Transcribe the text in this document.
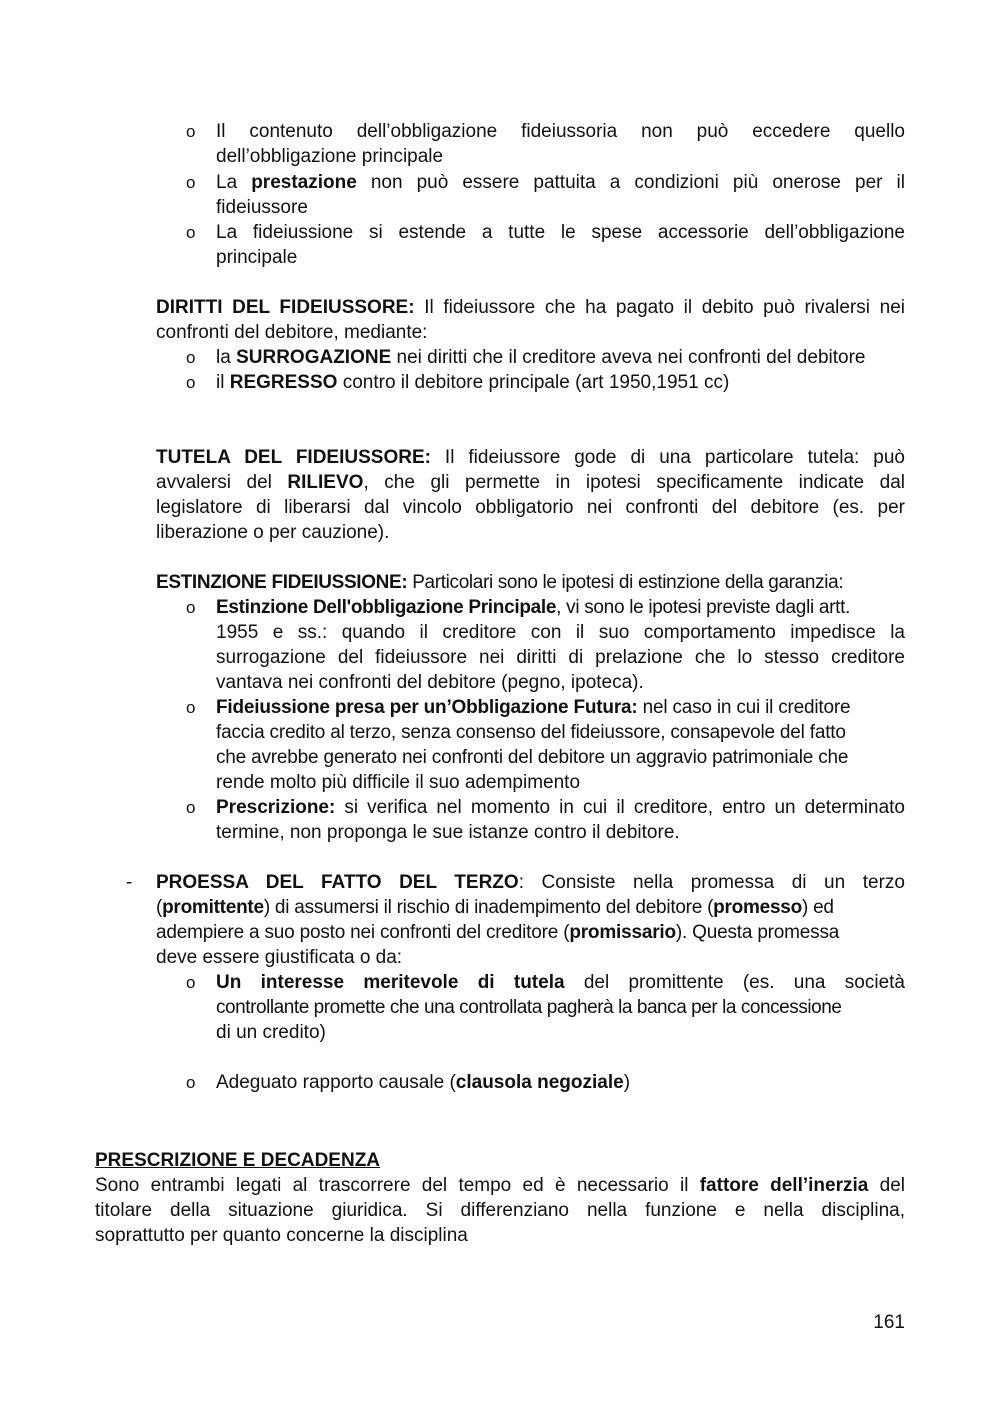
o Il contenuto dell’obbligazione fideiussoria non può eccedere quello
dell’obbligazione principale
o La prestazione non può essere pattuita a condizioni più onerose per il
fideiussore
o La fideiussione si estende a tutte le spese accessorie dell’obbligazione
principale
DIRITTI DEL FIDEIUSSORE: Il fideiussore che ha pagato il debito può rivalersi nei
confronti del debitore, mediante:
o la SURROGAZIONE nei diritti che il creditore aveva nei confronti del debitore
o il REGRESSO contro il debitore principale (art 1950,1951 cc)
TUTELA DEL FIDEIUSSORE: Il fideiussore gode di una particolare tutela: può
avvalersi del RILIEVO, che gli permette in ipotesi specificamente indicate dal
legislatore di liberarsi dal vincolo obbligatorio nei confronti del debitore (es. per
liberazione o per cauzione).
ESTINZIONE FIDEIUSSIONE: Particolari sono le ipotesi di estinzione della garanzia:
o Estinzione Dell'obbligazione Principale, vi sono le ipotesi previste dagli artt.
1955 e ss.: quando il creditore con il suo comportamento impedisce la
surrogazione del fideiussore nei diritti di prelazione che lo stesso creditore
vantava nei confronti del debitore (pegno, ipoteca).
o Fideiussione presa per un’Obbligazione Futura: nel caso in cui il creditore
faccia credito al terzo, senza consenso del fideiussore, consapevole del fatto
che avrebbe generato nei confronti del debitore un aggravio patrimoniale che
rende molto più difficile il suo adempimento
o Prescrizione: si verifica nel momento in cui il creditore, entro un determinato
termine, non proponga le sue istanze contro il debitore.
- PROESSA DEL FATTO DEL TERZO: Consiste nella promessa di un terzo
(promittente) di assumersi il rischio di inadempimento del debitore (promesso) ed
adempiere a suo posto nei confronti del creditore (promissario). Questa promessa
deve essere giustificata o da:
o Un interesse meritevole di tutela del promittente (es. una società
controllante promette che una controllata pagherà la banca per la concessione
di un credito)
o Adeguato rapporto causale (clausola negoziale)
PRESCRIZIONE E DECADENZA
Sono entrambi legati al trascorrere del tempo ed è necessario il fattore dell’inerzia del
titolare della situazione giuridica. Si differenziano nella funzione e nella disciplina,
soprattutto per quanto concerne la disciplina
161
